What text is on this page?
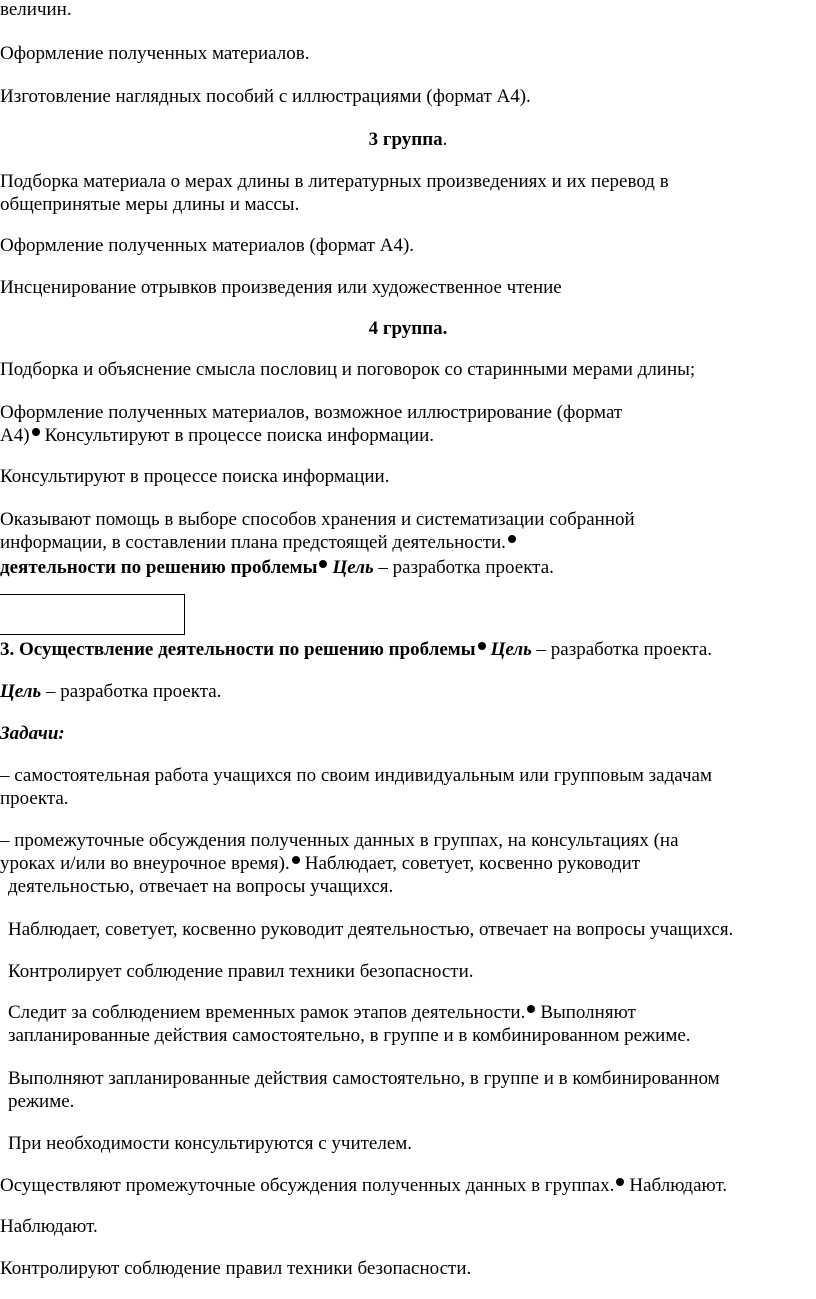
величин.

Оформление полученных материалов.

Изготовление наглядных пособий с иллюстрациями (формат А4).

3 группа.

Подборка материала о мерах длины в литературных произведениях и их перевод в

общепринятые меры длины и массы.

Оформление полученных материалов (формат А4).

Инсценирование отрывков произведения или художественное чтение

4 группа.

Подборка и объяснение смысла пословиц и поговорок со старинными мерами длины;

Оформление полученных материалов, возможное иллюстрирование (формат

А4) Консультируют в процессе поиска информации.

Консультируют в процессе поиска информации.

Оказывают помощь в выборе способов хранения и систематизации собранной

информации, в составлении плана предстоящей деятельности.

деятельности по решению проблемы Цель – разработка проекта.

3. Осуществление деятельности по решению проблемы Цель – разработка проекта.

Цель – разработка проекта.

Задачи:

– самостоятельная работа учащихся по своим индивидуальным или групповым задачам

проекта.

– промежуточные обсуждения полученных данных в группах, на консультациях (на

уроках и/или во внеурочное время). Наблюдает, советует, косвенно руководит

деятельностью, отвечает на вопросы учащихся.

Наблюдает, советует, косвенно руководит деятельностью, отвечает на вопросы учащихся.

Контролирует соблюдение правил техники безопасности.

Следит за соблюдением временных рамок этапов деятельности. Выполняют

запланированные действия самостоятельно, в группе и в комбинированном режиме.

Выполняют запланированные действия самостоятельно, в группе и в комбинированном

режиме.

При необходимости консультируются с учителем.

Осуществляют промежуточные обсуждения полученных данных в группах. Наблюдают.

Наблюдают.

Контролируют соблюдение правил техники безопасности.
